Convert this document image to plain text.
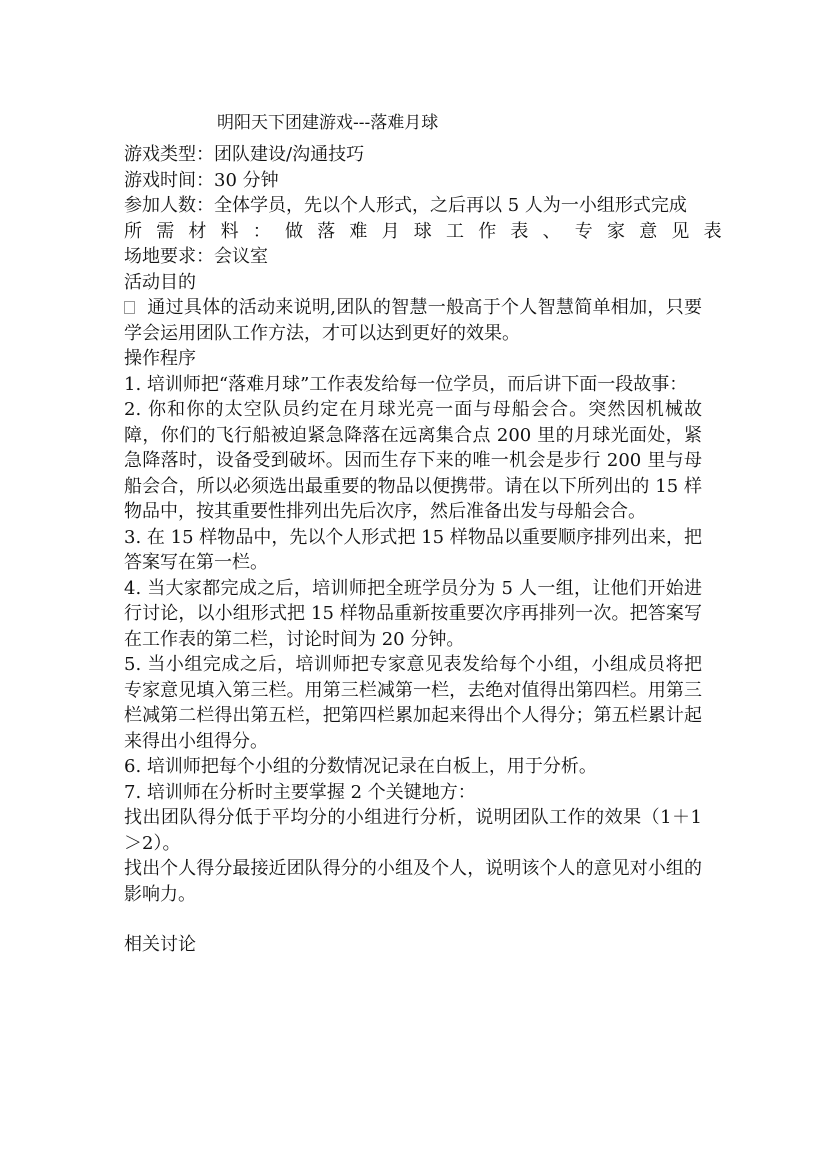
明阳天下团建游戏---落难月球

游戏类型：团队建设/沟通技巧

游戏时间：30 分钟

参加人数：全体学员，先以个人形式，之后再以 5 人为一小组形式完成

所需材料：做落难月球工作表、专家意见表

场地要求：会议室

活动目的

通过具体的活动来说明,团队的智慧一般高于个人智慧简单相加，只要学会运用团队工作方法，才可以达到更好的效果。

操作程序

1. 培训师把“落难月球”工作表发给每一位学员，而后讲下面一段故事：

2. 你和你的太空队员约定在月球光亮一面与母船会合。突然因机械故障，你们的飞行船被迫紧急降落在远离集合点 200 里的月球光面处，紧急降落时，设备受到破坏。因而生存下来的唯一机会是步行 200 里与母船会合，所以必须选出最重要的物品以便携带。请在以下所列出的 15 样物品中，按其重要性排列出先后次序，然后准备出发与母船会合。

3. 在 15 样物品中，先以个人形式把 15 样物品以重要顺序排列出来，把答案写在第一栏。

4. 当大家都完成之后，培训师把全班学员分为 5 人一组，让他们开始进行讨论，以小组形式把 15 样物品重新按重要次序再排列一次。把答案写在工作表的第二栏，讨论时间为 20 分钟。

5. 当小组完成之后，培训师把专家意见表发给每个小组，小组成员将把专家意见填入第三栏。用第三栏减第一栏，去绝对值得出第四栏。用第三栏减第二栏得出第五栏，把第四栏累加起来得出个人得分；第五栏累计起来得出小组得分。

6. 培训师把每个小组的分数情况记录在白板上，用于分析。

7. 培训师在分析时主要掌握 2 个关键地方：

找出团队得分低于平均分的小组进行分析，说明团队工作的效果（1＋1＞2）。

找出个人得分最接近团队得分的小组及个人，说明该个人的意见对小组的影响力。

相关讨论
